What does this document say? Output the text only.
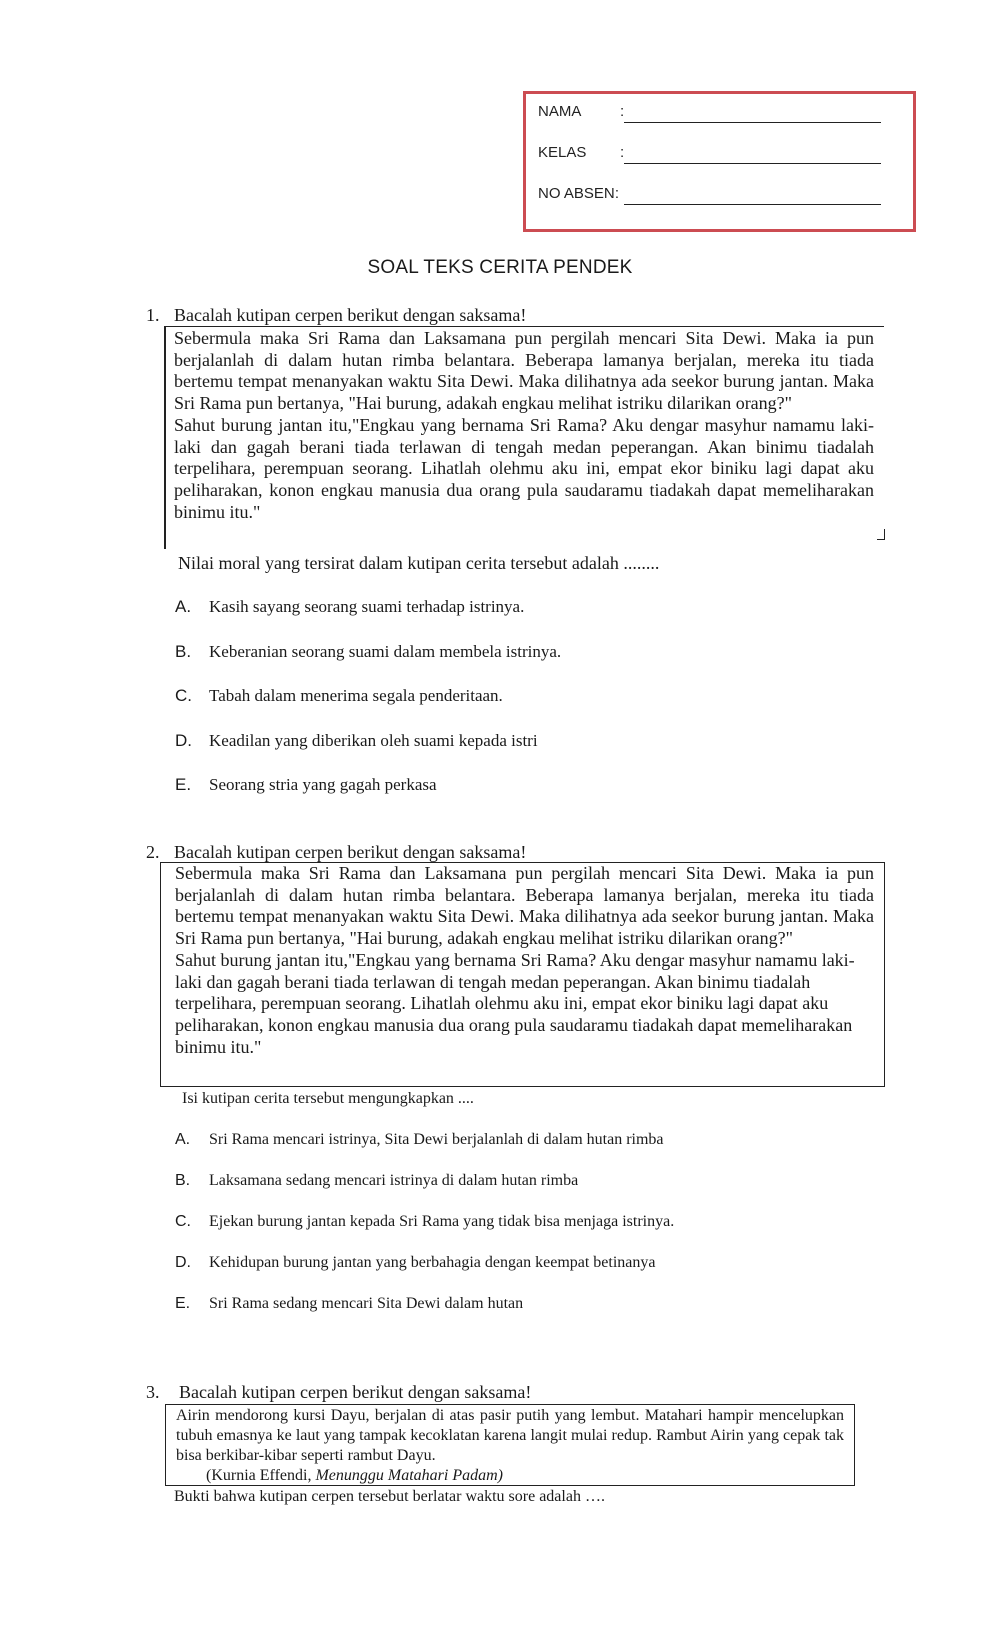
NAMA	:
KELAS :
NO ABSEN :
SOAL TEKS CERITA PENDEK
1. Bacalah kutipan cerpen berikut dengan saksama!

Sebermula maka Sri Rama dan Laksamana pun pergilah mencari Sita Dewi. Maka ia pun berjalanlah di dalam hutan rimba belantara. Beberapa lamanya berjalan, mereka itu tiada bertemu tempat menanyakan waktu Sita Dewi. Maka dilihatnya ada seekor burung jantan. Maka Sri Rama pun bertanya, "Hai burung, adakah engkau melihat istriku dilarikan orang?"

Sahut burung jantan itu,"Engkau yang bernama Sri Rama? Aku dengar masyhur namamu laki-laki dan gagah berani tiada terlawan di tengah medan peperangan. Akan binimu tiadalah terpelihara, perempuan seorang. Lihatlah olehmu aku ini, empat ekor biniku lagi dapat aku peliharakan, konon engkau manusia dua orang pula saudaramu tiadakah dapat memeliharakan binimu itu."

Nilai moral yang tersirat dalam kutipan cerita tersebut adalah ........
A. Kasih sayang seorang suami terhadap istrinya.
B. Keberanian seorang suami dalam membela istrinya.
C. Tabah dalam menerima segala penderitaan.
D. Keadilan yang diberikan oleh suami kepada istri
E. Seorang stria yang gagah perkasa
2. Bacalah kutipan cerpen berikut dengan saksama!

Sebermula maka Sri Rama dan Laksamana pun pergilah mencari Sita Dewi. Maka ia pun berjalanlah di dalam hutan rimba belantara. Beberapa lamanya berjalan, mereka itu tiada bertemu tempat menanyakan waktu Sita Dewi. Maka dilihatnya ada seekor burung jantan. Maka Sri Rama pun bertanya, "Hai burung, adakah engkau melihat istriku dilarikan orang?"

Sahut burung jantan itu,"Engkau yang bernama Sri Rama? Aku dengar masyhur namamu laki-laki dan gagah berani tiada terlawan di tengah medan peperangan. Akan binimu tiadalah terpelihara, perempuan seorang. Lihatlah olehmu aku ini, empat ekor biniku lagi dapat aku peliharakan, konon engkau manusia dua orang pula saudaramu tiadakah dapat memeliharakan binimu itu."

Isi kutipan cerita tersebut mengungkapkan ....
A. Sri Rama mencari istrinya, Sita Dewi berjalanlah di dalam hutan rimba
B. Laksamana sedang mencari istrinya di dalam hutan rimba
C. Ejekan burung jantan kepada Sri Rama yang tidak bisa menjaga istrinya.
D. Kehidupan burung jantan yang berbahagia dengan keempat betinanya
E. Sri Rama sedang mencari Sita Dewi dalam hutan
3. Bacalah kutipan cerpen berikut dengan saksama!

Airin mendorong kursi Dayu, berjalan di atas pasir putih yang lembut. Matahari hampir mencelupkan tubuh emasnya ke laut yang tampak kecoklatan karena langit mulai redup. Rambut Airin yang cepak tak bisa berkibar-kibar seperti rambut Dayu.

(Kurnia Effendi, Menunggu Matahari Padam)

Bukti bahwa kutipan cerpen tersebut berlatar waktu sore adalah ….
